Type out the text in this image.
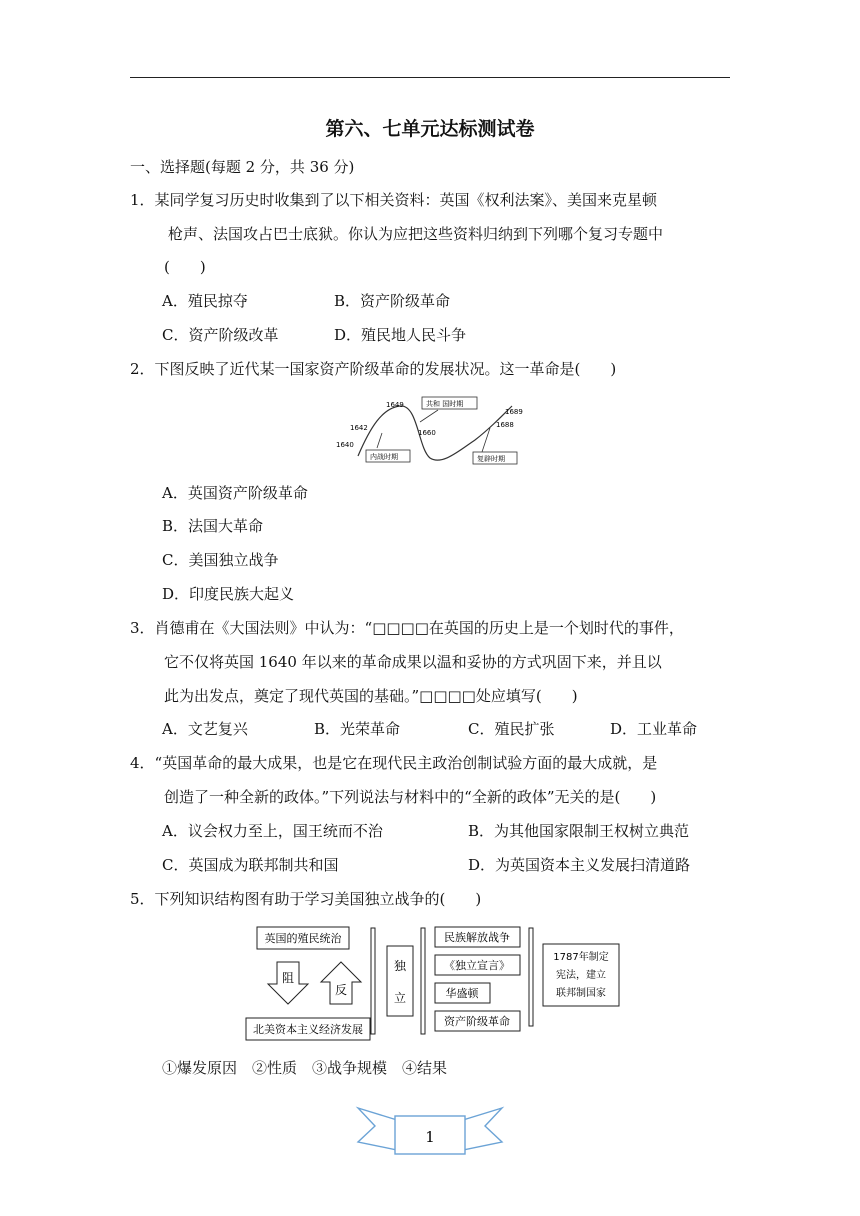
第六、七单元达标测试卷
一、选择题(每题 2 分，共 36 分)
1．某同学复习历史时收集到了以下相关资料：英国《权利法案》、美国来克星顿
枪声、法国攻占巴士底狱。你认为应把这些资料归纳到下列哪个复习专题中
(　　)
A．殖民掠夺	B．资产阶级革命
C．资产阶级改革	D．殖民地人民斗争
2．下图反映了近代某一国家资产阶级革命的发展状况。这一革命是(　　)
1649
1642
1640
1660
1689
1688
共和 国时期
内战时期	复辟时期
A．英国资产阶级革命
B．法国大革命
C．美国独立战争
D．印度民族大起义
3．肖德甫在《大国法则》中认为：“□□□□在英国的历史上是一个划时代的事件，
它不仅将英国 1640 年以来的革命成果以温和妥协的方式巩固下来，并且以
此为出发点，奠定了现代英国的基础。”□□□□处应填写(　　)
A．文艺复兴	B．光荣革命	C．殖民扩张	D．工业革命
4．“英国革命的最大成果，也是它在现代民主政治创制试验方面的最大成就，是
创造了一种全新的政体。”下列说法与材料中的“全新的政体”无关的是(　　)
A．议会权力至上，国王统而不治	B．为其他国家限制王权树立典范
C．英国成为联邦制共和国	D．为英国资本主义发展扫清道路
5．下列知识结构图有助于学习美国独立战争的(　　)
英国的殖民统治
阻
反
北美资本主义经济发展
独
立
民族解放战争
《独立宣言》
华盛顿
资产阶级革命
1787年制定
宪法，建立
联邦制国家
①爆发原因　②性质　③战争规模　④结果
1
